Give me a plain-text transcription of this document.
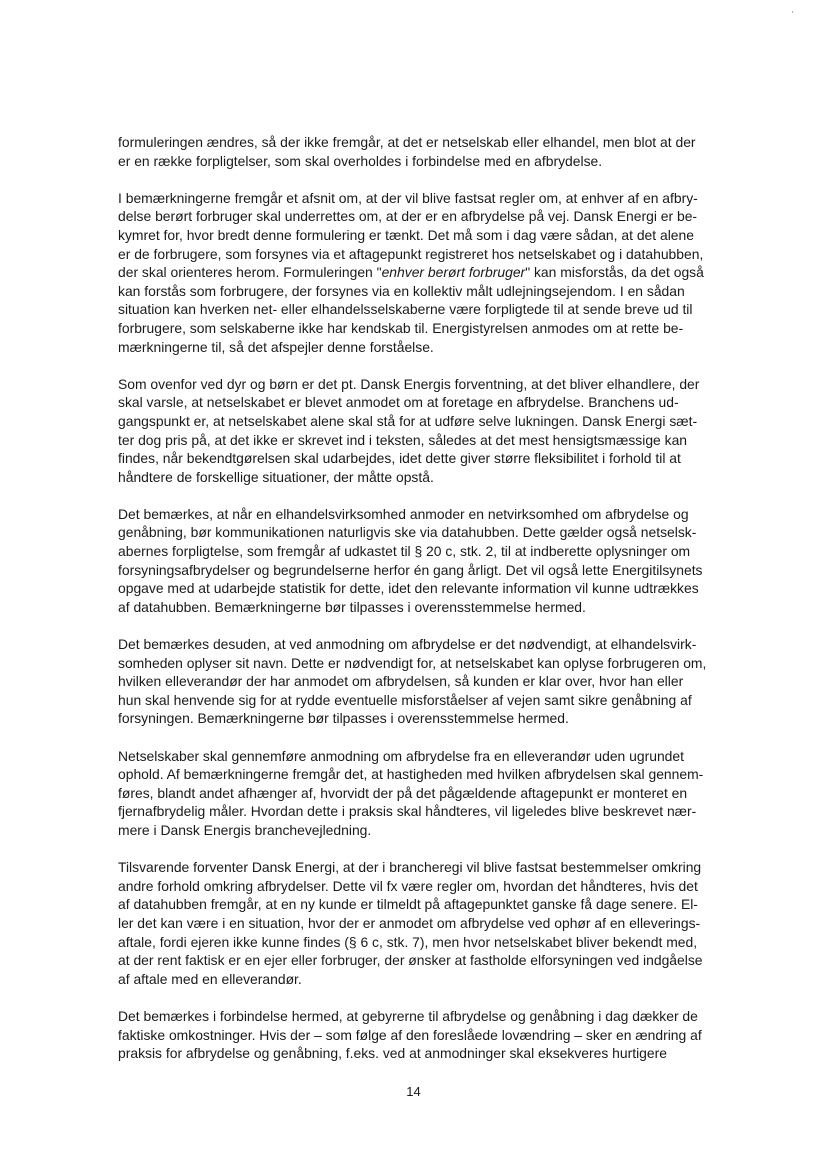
'

formuleringen ændres, så der ikke fremgår, at det er netselskab eller elhandel, men blot at der
er en række forpligtelser, som skal overholdes i forbindelse med en afbrydelse.

I bemærkningerne fremgår et afsnit om, at der vil blive fastsat regler om, at enhver af en afbry-
delse berørt forbruger skal underrettes om, at der er en afbrydelse på vej. Dansk Energi er be-
kymret for, hvor bredt denne formulering er tænkt. Det må som i dag være sådan, at det alene
er de forbrugere, som forsynes via et aftagepunkt registreret hos netselskabet og i datahubben,
der skal orienteres herom. Formuleringen "enhver berørt forbruger" kan misforstås, da det også
kan forstås som forbrugere, der forsynes via en kollektiv målt udlejningsejendom. I en sådan
situation kan hverken net- eller elhandelsselskaberne være forpligtede til at sende breve ud til
forbrugere, som selskaberne ikke har kendskab til. Energistyrelsen anmodes om at rette be-
mærkningerne til, så det afspejler denne forståelse.

Som ovenfor ved dyr og børn er det pt. Dansk Energis forventning, at det bliver elhandlere, der
skal varsle, at netselskabet er blevet anmodet om at foretage en afbrydelse. Branchens ud-
gangspunkt er, at netselskabet alene skal stå for at udføre selve lukningen. Dansk Energi sæt-
ter dog pris på, at det ikke er skrevet ind i teksten, således at det mest hensigtsmæssige kan
findes, når bekendtgørelsen skal udarbejdes, idet dette giver større fleksibilitet i forhold til at
håndtere de forskellige situationer, der måtte opstå.

Det bemærkes, at når en elhandelsvirksomhed anmoder en netvirksomhed om afbrydelse og
genåbning, bør kommunikationen naturligvis ske via datahubben. Dette gælder også netselsk-
abernes forpligtelse, som fremgår af udkastet til § 20 c, stk. 2, til at indberette oplysninger om
forsyningsafbrydelser og begrundelserne herfor én gang årligt. Det vil også lette Energitilsynets
opgave med at udarbejde statistik for dette, idet den relevante information vil kunne udtrækkes
af datahubben. Bemærkningerne bør tilpasses i overensstemmelse hermed.

Det bemærkes desuden, at ved anmodning om afbrydelse er det nødvendigt, at elhandelsvirk-
somheden oplyser sit navn. Dette er nødvendigt for, at netselskabet kan oplyse forbrugeren om,
hvilken elleverandør der har anmodet om afbrydelsen, så kunden er klar over, hvor han eller
hun skal henvende sig for at rydde eventuelle misforståelser af vejen samt sikre genåbning af
forsyningen. Bemærkningerne bør tilpasses i overensstemmelse hermed.

Netselskaber skal gennemføre anmodning om afbrydelse fra en elleverandør uden ugrundet
ophold. Af bemærkningerne fremgår det, at hastigheden med hvilken afbrydelsen skal gennem-
føres, blandt andet afhænger af, hvorvidt der på det pågældende aftagepunkt er monteret en
fjernafbrydelig måler. Hvordan dette i praksis skal håndteres, vil ligeledes blive beskrevet nær-
mere i Dansk Energis branchevejledning.

Tilsvarende forventer Dansk Energi, at der i brancheregi vil blive fastsat bestemmelser omkring
andre forhold omkring afbrydelser. Dette vil fx være regler om, hvordan det håndteres, hvis det
af datahubben fremgår, at en ny kunde er tilmeldt på aftagepunktet ganske få dage senere. El-
ler det kan være i en situation, hvor der er anmodet om afbrydelse ved ophør af en elleverings-
aftale, fordi ejeren ikke kunne findes (§ 6 c, stk. 7), men hvor netselskabet bliver bekendt med,
at der rent faktisk er en ejer eller forbruger, der ønsker at fastholde elforsyningen ved indgåelse
af aftale med en elleverandør.

Det bemærkes i forbindelse hermed, at gebyrerne til afbrydelse og genåbning i dag dækker de
faktiske omkostninger. Hvis der – som følge af den foreslåede lovændring – sker en ændring af
praksis for afbrydelse og genåbning, f.eks. ved at anmodninger skal eksekveres hurtigere

14
